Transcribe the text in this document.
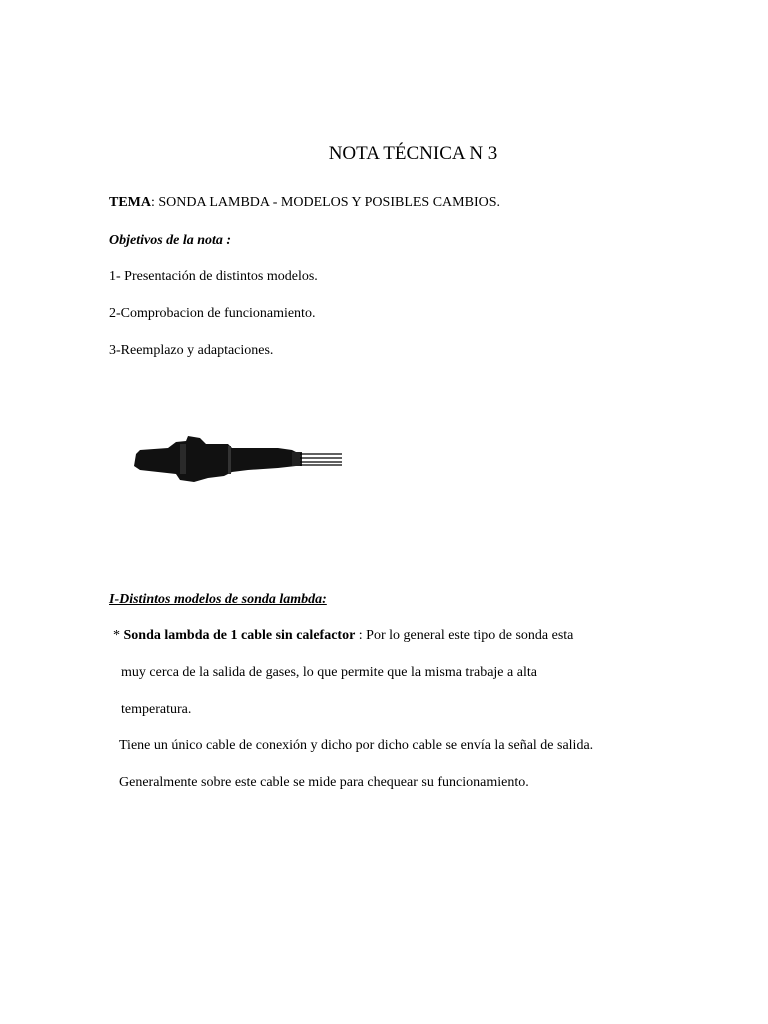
NOTA TÉCNICA N 3
TEMA: SONDA LAMBDA - MODELOS Y POSIBLES CAMBIOS.
Objetivos de la nota :
1- Presentación de distintos modelos.
2-Comprobacion de funcionamiento.
3-Reemplazo y adaptaciones.
I-Distintos modelos de sonda lambda:
* Sonda lambda de 1 cable sin calefactor : Por lo general este tipo de sonda esta
muy cerca de la salida de gases, lo que permite que la misma trabaje a alta
temperatura.
Tiene un único cable de conexión y dicho por dicho cable se envía la señal de salida.
Generalmente sobre este cable se mide para chequear su funcionamiento.
